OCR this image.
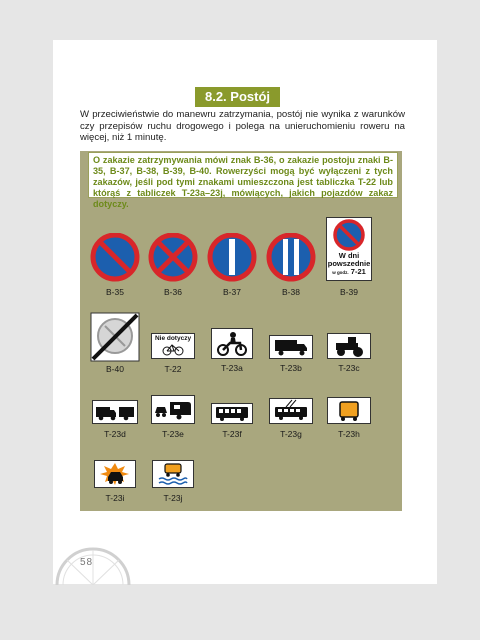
8.2. Postój
W przeciwieństwie do manewru zatrzymania, postój nie wynika z warunków czy przepisów ruchu drogowego i polega na unieruchomieniu roweru na więcej, niż 1 minutę.
O zakazie zatrzymywania mówi znak B-36, o zakazie postoju znaki B-35, B-37, B-38, B-39, B-40. Rowerzyści mogą być wyłączeni z tych zakazów, jeśli pod tymi znakami umieszczona jest tabliczka T-22 lub którąś z tabliczek T-23a–23j, mówiących, jakich pojazdów zakaz dotyczy.
B-35	B-36	B-37	B-38
W dni
powszednie
w godz. 7-21
B-39
B-40
Nie dotyczy
T-22	T-23a	T-23b	T-23c
T-23d	T-23e	T-23f	T-23g	T-23h
T-23i	T-23j
58
